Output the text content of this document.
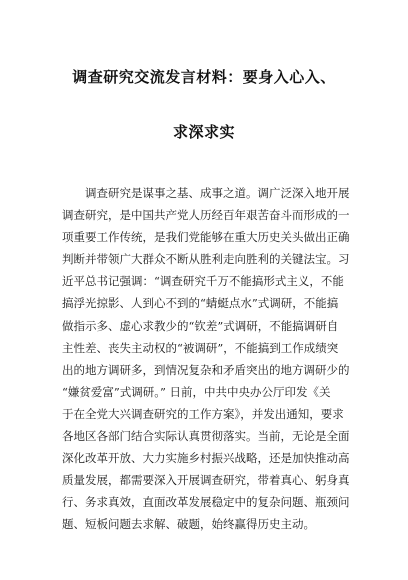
调查研究交流发言材料：要身入心入、
求深求实
调查研究是谋事之基、成事之道。调广泛深入地开展
调查研究，是中国共产党人历经百年艰苦奋斗而形成的一
项重要工作传统，是我们党能够在重大历史关头做出正确
判断并带领广大群众不断从胜利走向胜利的关键法宝。习
近平总书记强调：“调查研究千万不能搞形式主义，不能
搞浮光掠影、人到心不到的“蜻蜓点水”式调研，不能搞
做指示多、虚心求教少的“钦差”式调研，不能搞调研自
主性差、丧失主动权的“被调研”，不能搞到工作成绩突
出的地方调研多，到情况复杂和矛盾突出的地方调研少的
“嫌贫爱富”式调研。” 日前，中共中央办公厅印发《关
于在全党大兴调查研究的工作方案》，并发出通知，要求
各地区各部门结合实际认真贯彻落实。当前，无论是全面
深化改革开放、大力实施乡村振兴战略，还是加快推动高
质量发展，都需要深入开展调查研究，带着真心、躬身真
行、务求真效，直面改革发展稳定中的复杂问题、瓶颈问
题、短板问题去求解、破题，始终赢得历史主动。
